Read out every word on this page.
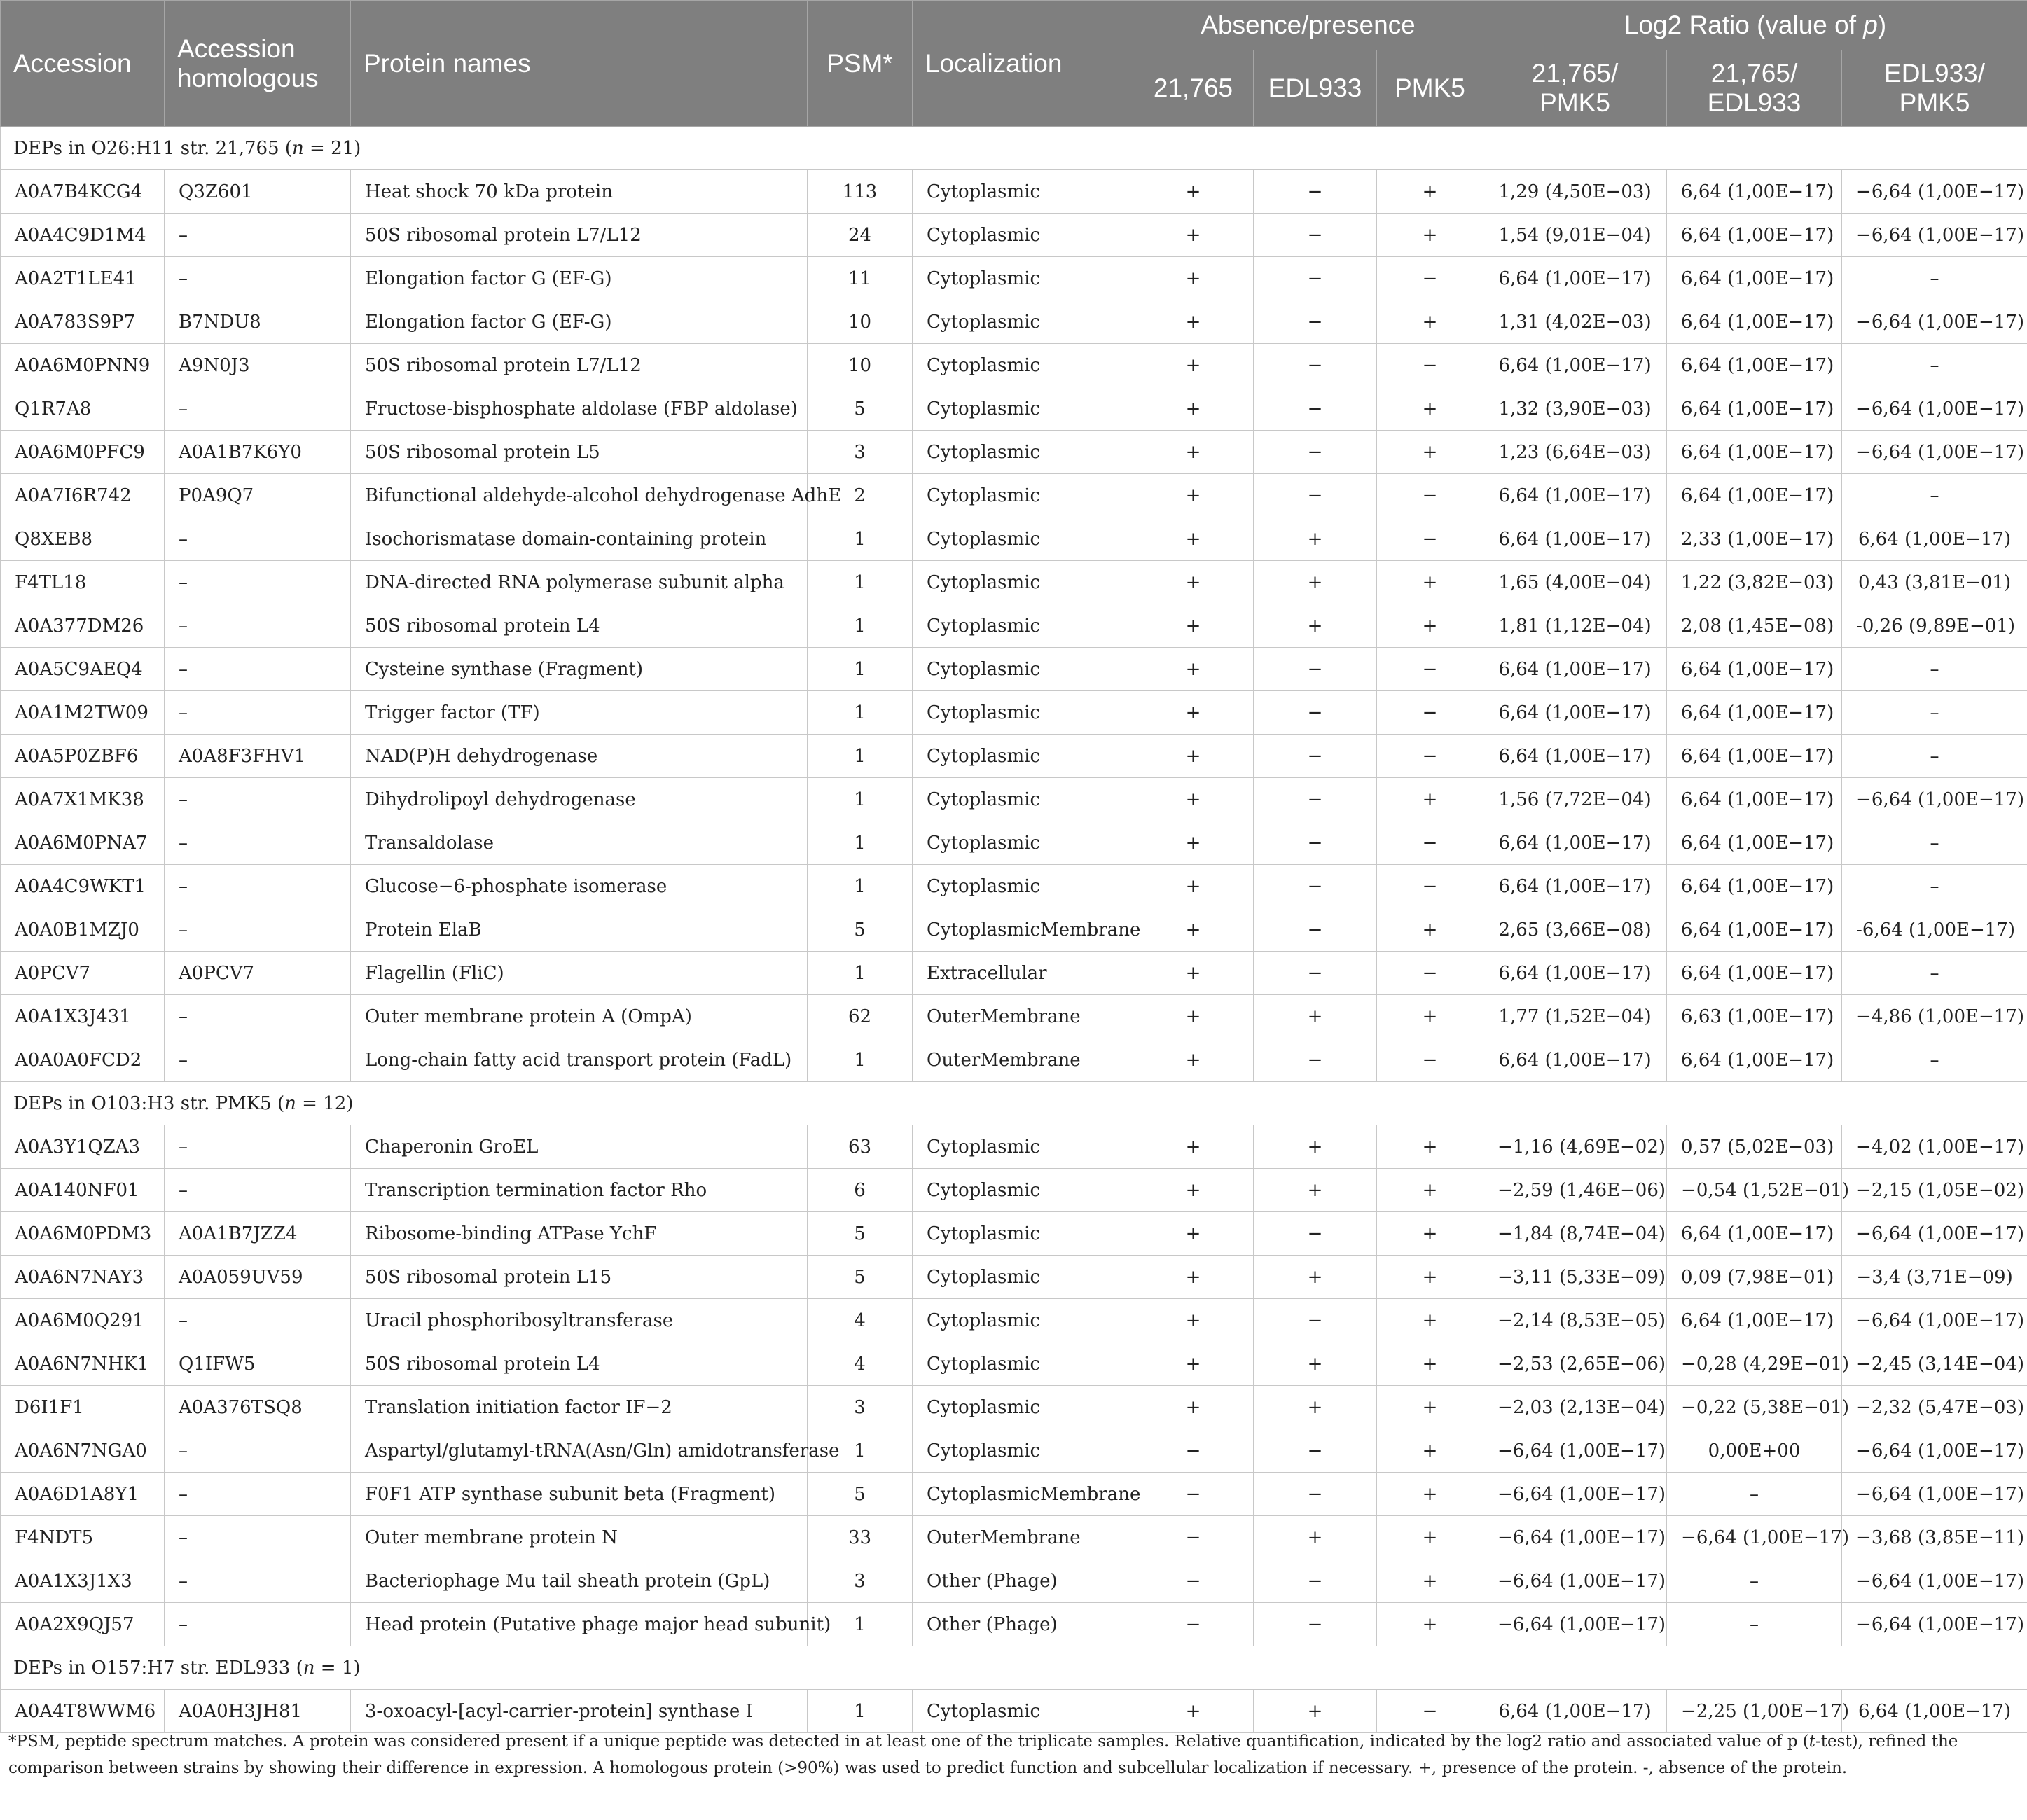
Accession	Accession homologous	Protein names	PSM*	Localization	Absence/presence			Log2 Ratio (value of p)		
					21,765	EDL933	PMK5	21,765/ PMK5	21,765/ EDL933	EDL933/ PMK5
DEPs in O26:H11 str. 21,765 (n = 21)										
A0A7B4KCG4	Q3Z601	Heat shock 70 kDa protein	113	Cytoplasmic	+	−	+	1,29 (4,50E−03)	6,64 (1,00E−17)	−6,64 (1,00E−17)
A0A4C9D1M4	–	50S ribosomal protein L7/L12	24	Cytoplasmic	+	−	+	1,54 (9,01E−04)	6,64 (1,00E−17)	−6,64 (1,00E−17)
A0A2T1LE41	–	Elongation factor G (EF-G)	11	Cytoplasmic	+	−	−	6,64 (1,00E−17)	6,64 (1,00E−17)	–
A0A783S9P7	B7NDU8	Elongation factor G (EF-G)	10	Cytoplasmic	+	−	+	1,31 (4,02E−03)	6,64 (1,00E−17)	−6,64 (1,00E−17)
A0A6M0PNN9	A9N0J3	50S ribosomal protein L7/L12	10	Cytoplasmic	+	−	−	6,64 (1,00E−17)	6,64 (1,00E−17)	–
Q1R7A8	–	Fructose-bisphosphate aldolase (FBP aldolase)	5	Cytoplasmic	+	−	+	1,32 (3,90E−03)	6,64 (1,00E−17)	−6,64 (1,00E−17)
A0A6M0PFC9	A0A1B7K6Y0	50S ribosomal protein L5	3	Cytoplasmic	+	−	+	1,23 (6,64E−03)	6,64 (1,00E−17)	−6,64 (1,00E−17)
A0A7I6R742	P0A9Q7	Bifunctional aldehyde-alcohol dehydrogenase AdhE	2	Cytoplasmic	+	−	−	6,64 (1,00E−17)	6,64 (1,00E−17)	–
Q8XEB8	–	Isochorismatase domain-containing protein	1	Cytoplasmic	+	+	−	6,64 (1,00E−17)	2,33 (1,00E−17)	6,64 (1,00E−17)
F4TL18	–	DNA-directed RNA polymerase subunit alpha	1	Cytoplasmic	+	+	+	1,65 (4,00E−04)	1,22 (3,82E−03)	0,43 (3,81E−01)
A0A377DM26	–	50S ribosomal protein L4	1	Cytoplasmic	+	+	+	1,81 (1,12E−04)	2,08 (1,45E−08)	-0,26 (9,89E−01)
A0A5C9AEQ4	–	Cysteine synthase (Fragment)	1	Cytoplasmic	+	−	−	6,64 (1,00E−17)	6,64 (1,00E−17)	–
A0A1M2TW09	–	Trigger factor (TF)	1	Cytoplasmic	+	−	−	6,64 (1,00E−17)	6,64 (1,00E−17)	–
A0A5P0ZBF6	A0A8F3FHV1	NAD(P)H dehydrogenase	1	Cytoplasmic	+	−	−	6,64 (1,00E−17)	6,64 (1,00E−17)	–
A0A7X1MK38	–	Dihydrolipoyl dehydrogenase	1	Cytoplasmic	+	−	+	1,56 (7,72E−04)	6,64 (1,00E−17)	−6,64 (1,00E−17)
A0A6M0PNA7	–	Transaldolase	1	Cytoplasmic	+	−	−	6,64 (1,00E−17)	6,64 (1,00E−17)	–
A0A4C9WKT1	–	Glucose−6-phosphate isomerase	1	Cytoplasmic	+	−	−	6,64 (1,00E−17)	6,64 (1,00E−17)	–
A0A0B1MZJ0	–	Protein ElaB	5	CytoplasmicMembrane	+	−	+	2,65 (3,66E−08)	6,64 (1,00E−17)	-6,64 (1,00E−17)
A0PCV7	A0PCV7	Flagellin (FliC)	1	Extracellular	+	−	−	6,64 (1,00E−17)	6,64 (1,00E−17)	–
A0A1X3J431	–	Outer membrane protein A (OmpA)	62	OuterMembrane	+	+	+	1,77 (1,52E−04)	6,63 (1,00E−17)	−4,86 (1,00E−17)
A0A0A0FCD2	–	Long-chain fatty acid transport protein (FadL)	1	OuterMembrane	+	−	−	6,64 (1,00E−17)	6,64 (1,00E−17)	–
DEPs in O103:H3 str. PMK5 (n = 12)										
A0A3Y1QZA3	–	Chaperonin GroEL	63	Cytoplasmic	+	+	+	−1,16 (4,69E−02)	0,57 (5,02E−03)	−4,02 (1,00E−17)
A0A140NF01	–	Transcription termination factor Rho	6	Cytoplasmic	+	+	+	−2,59 (1,46E−06)	−0,54 (1,52E−01)	−2,15 (1,05E−02)
A0A6M0PDM3	A0A1B7JZZ4	Ribosome-binding ATPase YchF	5	Cytoplasmic	+	−	+	−1,84 (8,74E−04)	6,64 (1,00E−17)	−6,64 (1,00E−17)
A0A6N7NAY3	A0A059UV59	50S ribosomal protein L15	5	Cytoplasmic	+	+	+	−3,11 (5,33E−09)	0,09 (7,98E−01)	−3,4 (3,71E−09)
A0A6M0Q291	–	Uracil phosphoribosyltransferase	4	Cytoplasmic	+	−	+	−2,14 (8,53E−05)	6,64 (1,00E−17)	−6,64 (1,00E−17)
A0A6N7NHK1	Q1IFW5	50S ribosomal protein L4	4	Cytoplasmic	+	+	+	−2,53 (2,65E−06)	−0,28 (4,29E−01)	−2,45 (3,14E−04)
D6I1F1	A0A376TSQ8	Translation initiation factor IF−2	3	Cytoplasmic	+	+	+	−2,03 (2,13E−04)	−0,22 (5,38E−01)	−2,32 (5,47E−03)
A0A6N7NGA0	–	Aspartyl/glutamyl-tRNA(Asn/Gln) amidotransferase	1	Cytoplasmic	−	−	+	−6,64 (1,00E−17)	0,00E+00	−6,64 (1,00E−17)
A0A6D1A8Y1	–	F0F1 ATP synthase subunit beta (Fragment)	5	CytoplasmicMembrane	−	−	+	−6,64 (1,00E−17)	–	−6,64 (1,00E−17)
F4NDT5	–	Outer membrane protein N	33	OuterMembrane	−	+	+	−6,64 (1,00E−17)	−6,64 (1,00E−17)	−3,68 (3,85E−11)
A0A1X3J1X3	–	Bacteriophage Mu tail sheath protein (GpL)	3	Other (Phage)	−	−	+	−6,64 (1,00E−17)	–	−6,64 (1,00E−17)
A0A2X9QJ57	–	Head protein (Putative phage major head subunit)	1	Other (Phage)	−	−	+	−6,64 (1,00E−17)	–	−6,64 (1,00E−17)
DEPs in O157:H7 str. EDL933 (n = 1)										
A0A4T8WWM6	A0A0H3JH81	3-oxoacyl-[acyl-carrier-protein] synthase I	1	Cytoplasmic	+	+	−	6,64 (1,00E−17)	−2,25 (1,00E−17)	6,64 (1,00E−17)
*PSM, peptide spectrum matches. A protein was considered present if a unique peptide was detected in at least one of the triplicate samples. Relative quantification, indicated by the log2 ratio and associated value of p (t-test), refined the comparison between strains by showing their difference in expression. A homologous protein (>90%) was used to predict function and subcellular localization if necessary. +, presence of the protein. -, absence of the protein.
